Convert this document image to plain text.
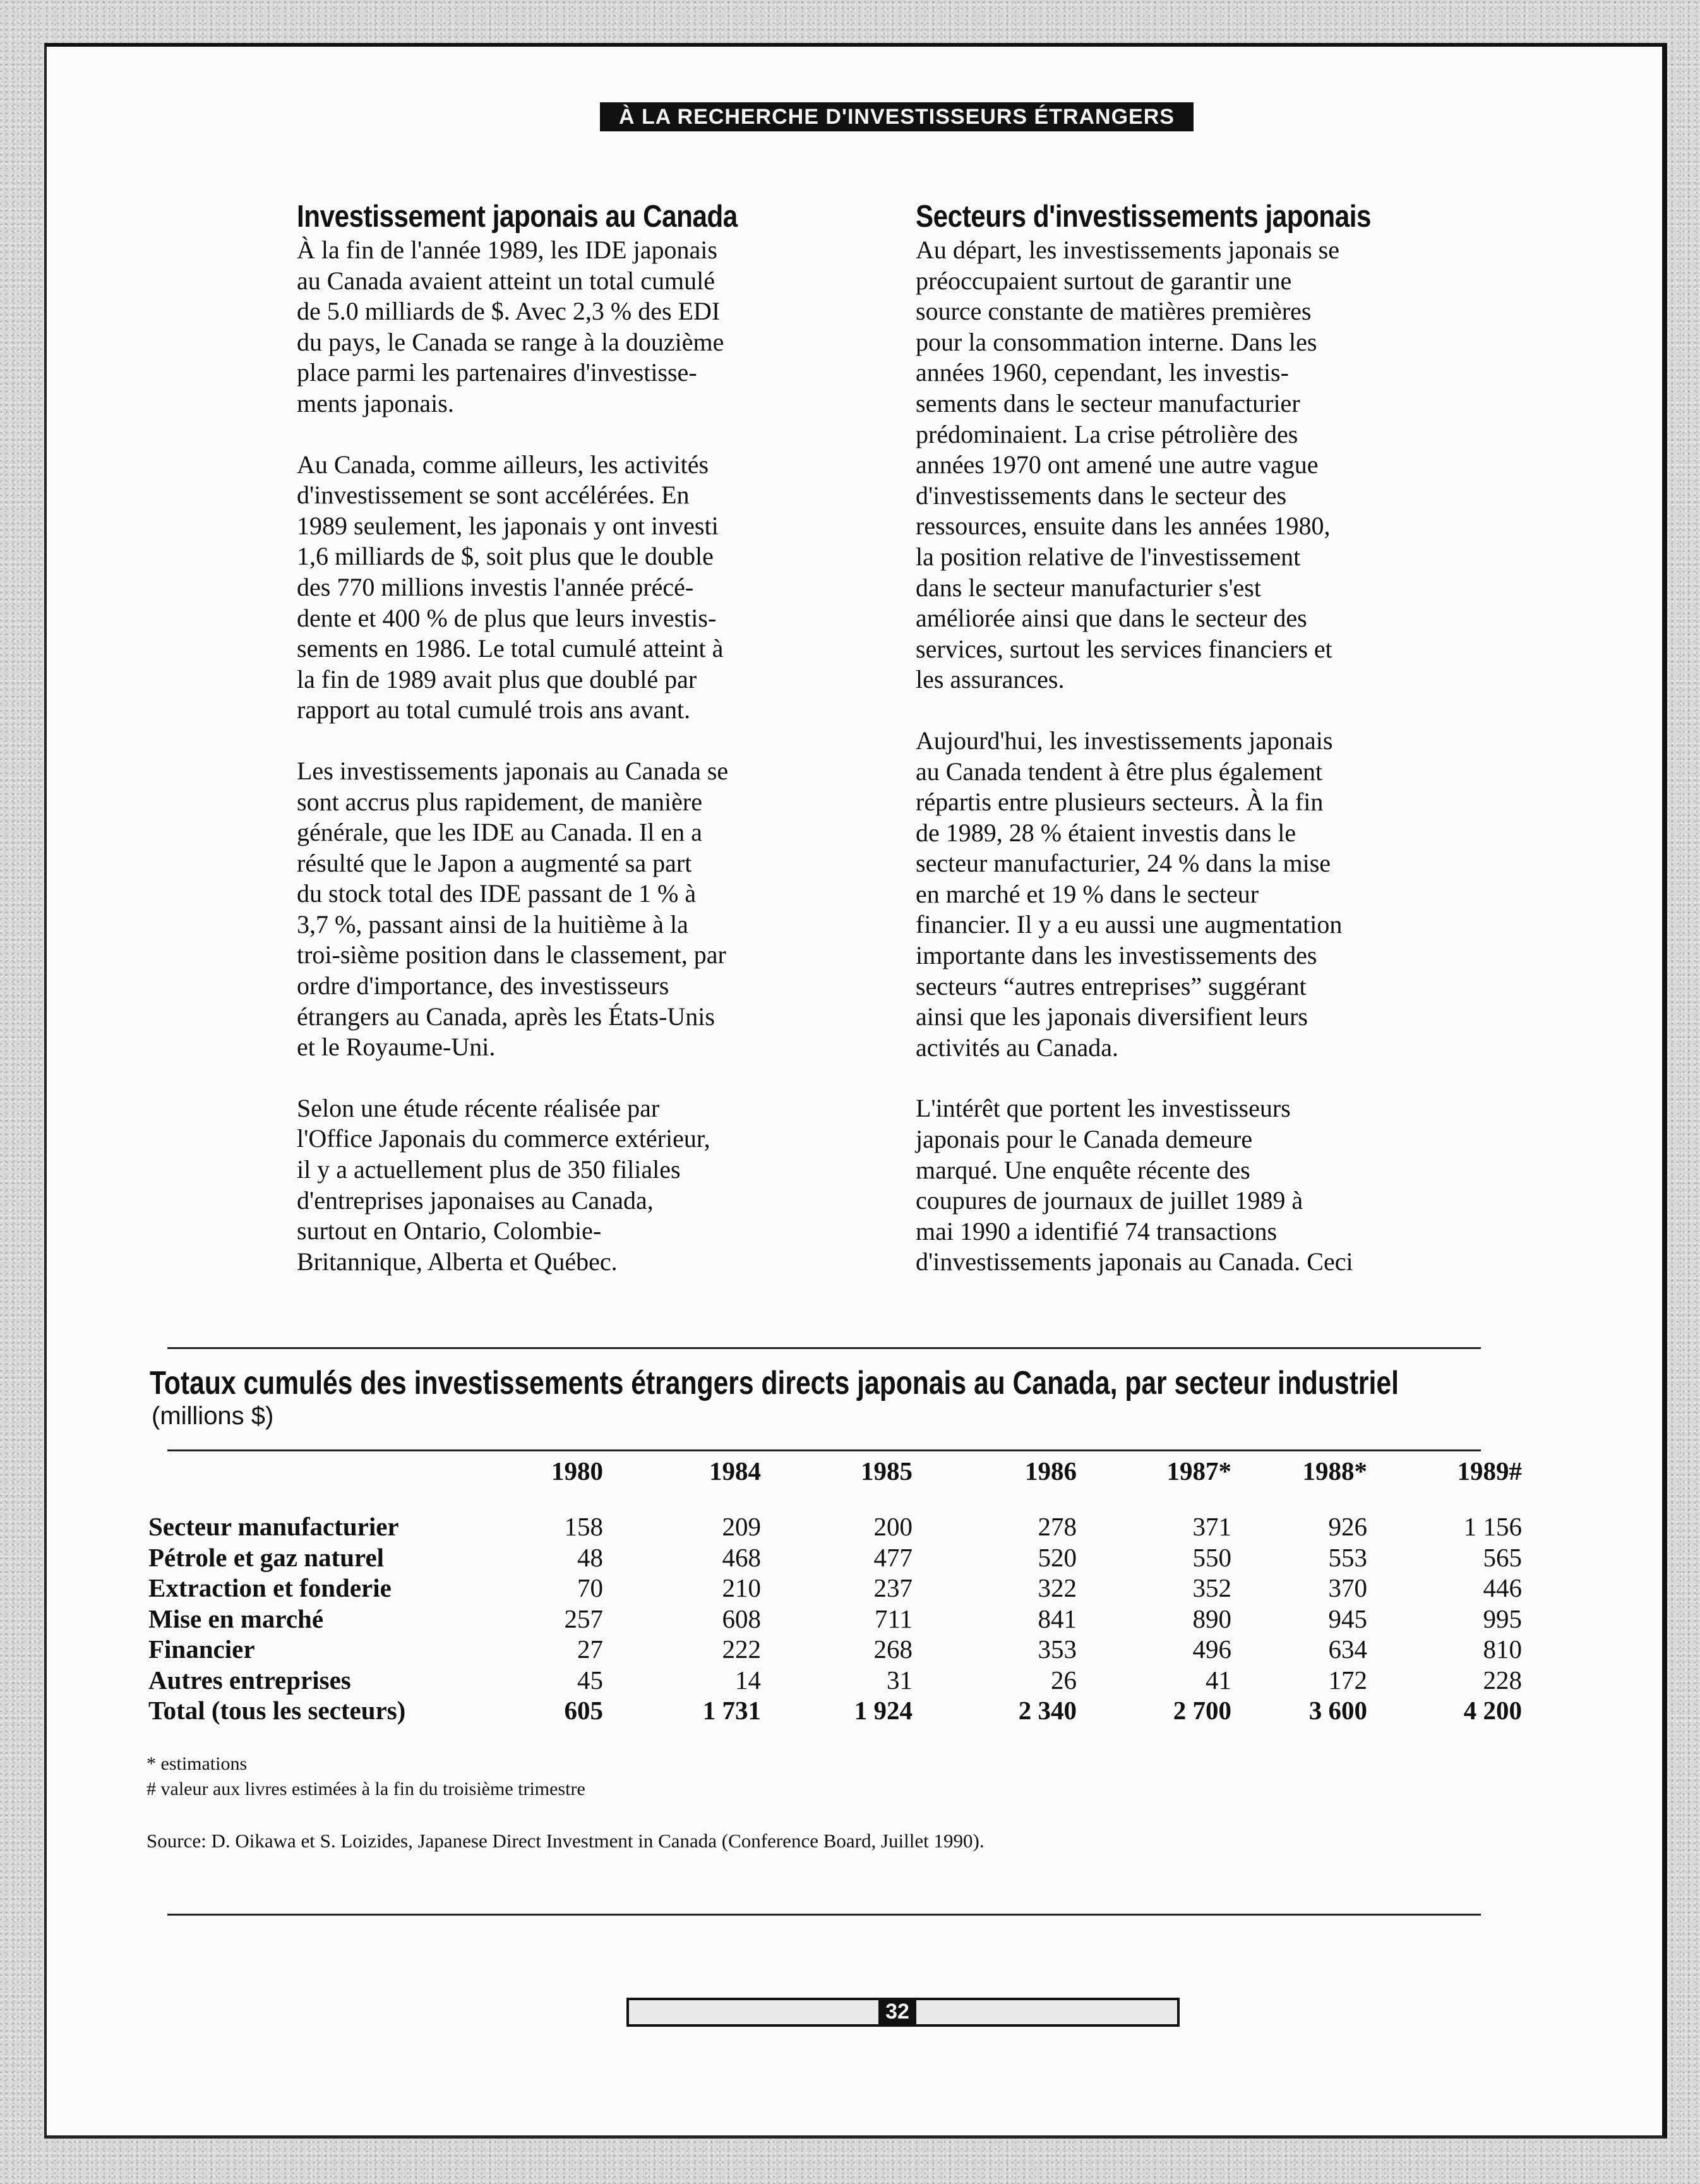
À LA RECHERCHE D'INVESTISSEURS ÉTRANGERS
Investissement japonais au Canada

À la fin de l'année 1989, les IDE japonais
au Canada avaient atteint un total cumulé
de 5.0 milliards de $. Avec 2,3 % des EDI
du pays, le Canada se range à la douzième
place parmi les partenaires d'investisse-
ments japonais.

Au Canada, comme ailleurs, les activités
d'investissement se sont accélérées. En
1989 seulement, les japonais y ont investi
1,6 milliards de $, soit plus que le double
des 770 millions investis l'année précé-
dente et 400 % de plus que leurs investis-
sements en 1986. Le total cumulé atteint à
la fin de 1989 avait plus que doublé par
rapport au total cumulé trois ans avant.

Les investissements japonais au Canada se
sont accrus plus rapidement, de manière
générale, que les IDE au Canada. Il en a
résulté que le Japon a augmenté sa part
du stock total des IDE passant de 1 % à
3,7 %, passant ainsi de la huitième à la
troi-sième position dans le classement, par
ordre d'importance, des investisseurs
étrangers au Canada, après les États-Unis
et le Royaume-Uni.

Selon une étude récente réalisée par
l'Office Japonais du commerce extérieur,
il y a actuellement plus de 350 filiales
d'entreprises japonaises au Canada,
surtout en Ontario, Colombie-
Britannique, Alberta et Québec.

Secteurs d'investissements japonais

Au départ, les investissements japonais se
préoccupaient surtout de garantir une
source constante de matières premières
pour la consommation interne. Dans les
années 1960, cependant, les investis-
sements dans le secteur manufacturier
prédominaient. La crise pétrolière des
années 1970 ont amené une autre vague
d'investissements dans le secteur des
ressources, ensuite dans les années 1980,
la position relative de l'investissement
dans le secteur manufacturier s'est
améliorée ainsi que dans le secteur des
services, surtout les services financiers et
les assurances.

Aujourd'hui, les investissements japonais
au Canada tendent à être plus également
répartis entre plusieurs secteurs. À la fin
de 1989, 28 % étaient investis dans le
secteur manufacturier, 24 % dans la mise
en marché et 19 % dans le secteur
financier. Il y a eu aussi une augmentation
importante dans les investissements des
secteurs “autres entreprises” suggérant
ainsi que les japonais diversifient leurs
activités au Canada.

L'intérêt que portent les investisseurs
japonais pour le Canada demeure
marqué. Une enquête récente des
coupures de journaux de juillet 1989 à
mai 1990 a identifié 74 transactions
d'investissements japonais au Canada. Ceci

Totaux cumulés des investissements étrangers directs japonais au Canada, par secteur industriel
(millions $)
	1980	1984	1985	1986	1987*	1988*	1989#
Secteur manufacturier	158	209	200	278	371	926	1 156
Pétrole et gaz naturel	48	468	477	520	550	553	565
Extraction et fonderie	70	210	237	322	352	370	446
Mise en marché	257	608	711	841	890	945	995
Financier	27	222	268	353	496	634	810
Autres entreprises	45	14	31	26	41	172	228
Total (tous les secteurs)	605	1 731	1 924	2 340	2 700	3 600	4 200
* estimations
# valeur aux livres estimées à la fin du troisième trimestre
Source: D. Oikawa et S. Loizides, Japanese Direct Investment in Canada (Conference Board, Juillet 1990).
32
